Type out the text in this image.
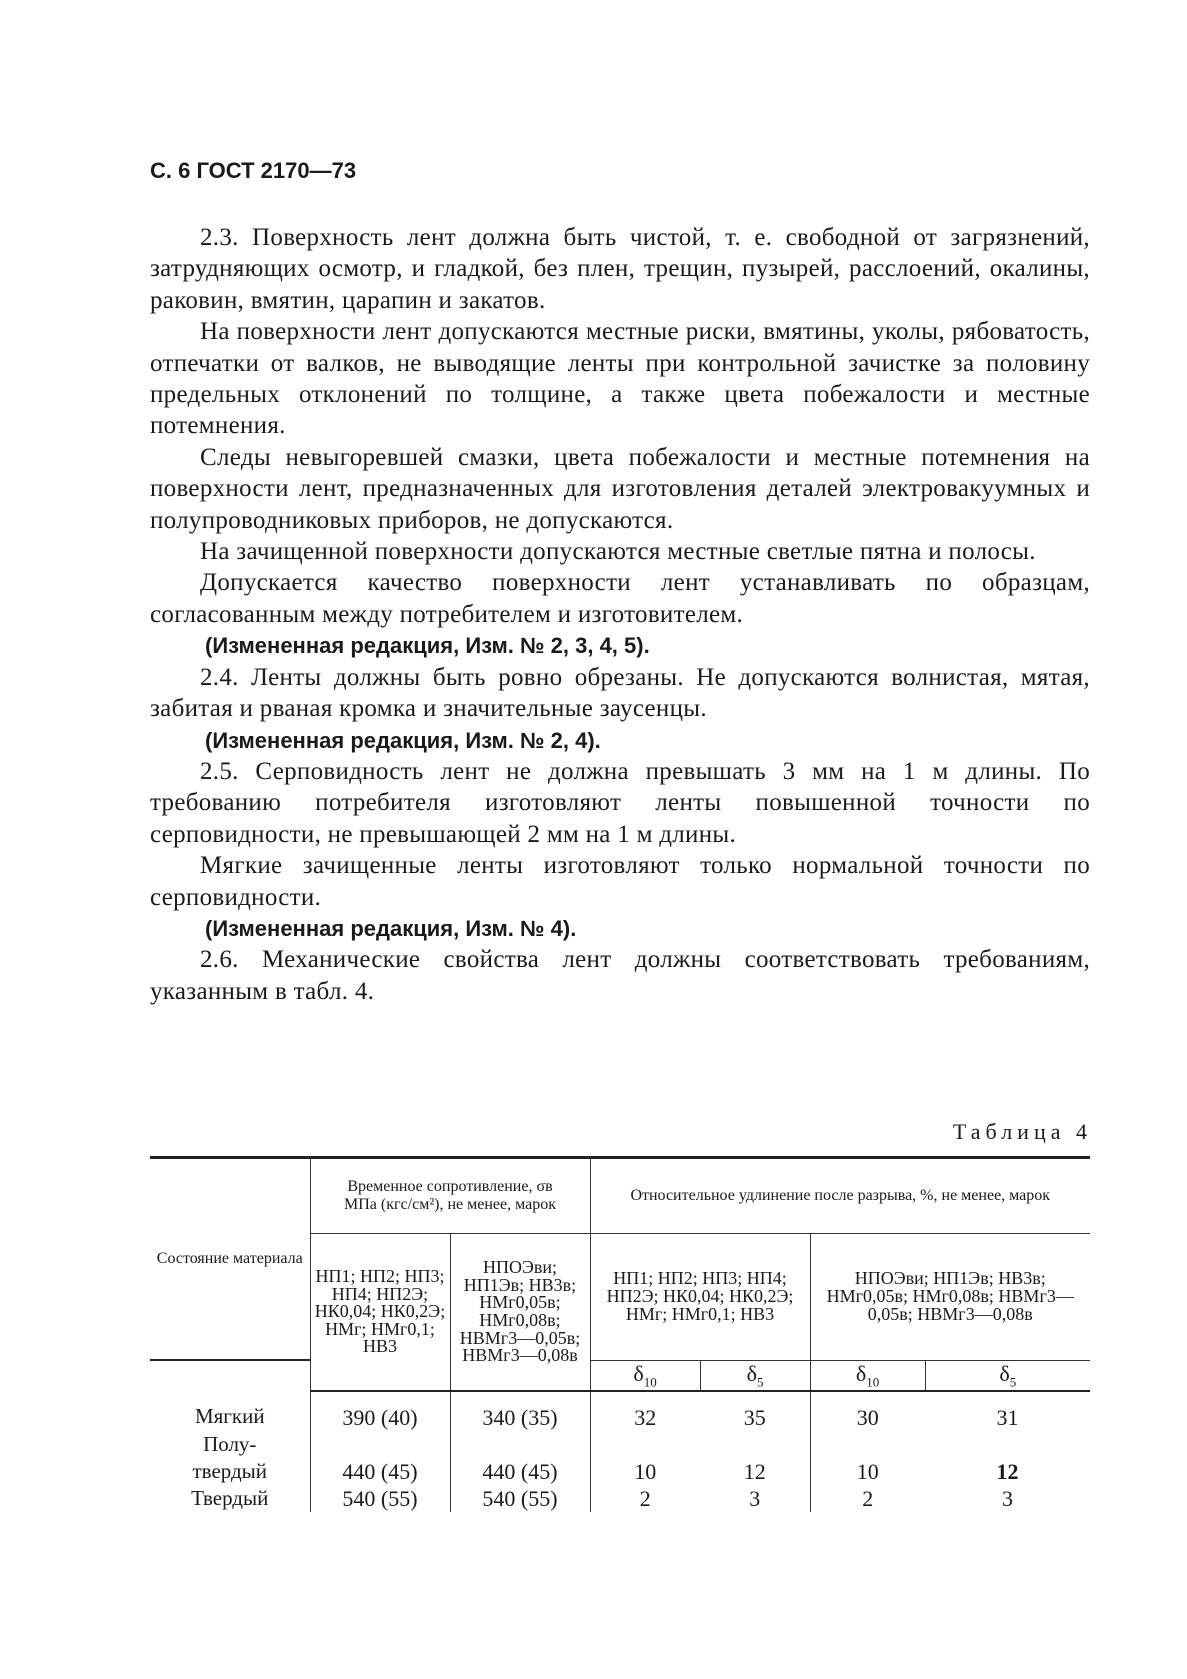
С. 6 ГОСТ 2170—73

2.3. Поверхность лент должна быть чистой, т. е. свободной от загрязнений, затрудняющих осмотр, и гладкой, без плен, трещин, пузырей, расслоений, окалины, раковин, вмятин, царапин и закатов.

На поверхности лент допускаются местные риски, вмятины, уколы, рябоватость, отпечатки от валков, не выводящие ленты при контрольной зачистке за половину предельных отклонений по толщине, а также цвета побежалости и местные потемнения.

Следы невыгоревшей смазки, цвета побежалости и местные потемнения на поверхности лент, предназначенных для изготовления деталей электровакуумных и полупроводниковых приборов, не допускаются.

На зачищенной поверхности допускаются местные светлые пятна и полосы.

Допускается качество поверхности лент устанавливать по образцам, согласованным между потребителем и изготовителем.

(Измененная редакция, Изм. № 2, 3, 4, 5).

2.4. Ленты должны быть ровно обрезаны. Не допускаются волнистая, мятая, забитая и рваная кромка и значительные заусенцы.

(Измененная редакция, Изм. № 2, 4).

2.5. Серповидность лент не должна превышать 3 мм на 1 м длины. По требованию потребителя изготовляют ленты повышенной точности по серповидности, не превышающей 2 мм на 1 м длины.

Мягкие зачищенные ленты изготовляют только нормальной точности по серповидности.

(Измененная редакция, Изм. № 4).

2.6. Механические свойства лент должны соответствовать требованиям, указанным в табл. 4.

Таблица 4
Состояние материала	Временное сопротивление, σв МПа (кгс/см²), не менее, марок		Относительное удлинение после разрыва, %, не менее, марок			
	НП1; НП2; НП3; НП4; НП2Э; НК0,04; НК0,2Э; НМг; НМг0,1; НВ3	НПОЭви; НП1Эв; НВ3в; НМг0,05в; НМг0,08в; НВМг3—0,05в; НВМг3—0,08в	НП1; НП2; НП3; НП4; НП2Э; НК0,04; НК0,2Э; НМг; НМг0,1; НВ3		НПОЭви; НП1Эв; НВ3в; НМг0,05в; НМг0,08в; НВМг3—0,05в; НВМг3—0,08в	
			$\delta_{10}$	$\delta_5$	$\delta_{10}$	$\delta_5$
Мягкий	390 (40)	340 (35)	32	35	30	31
Полу-твердый	440 (45)	440 (45)	10	12	10	12
Твердый	540 (55)	540 (55)	2	3	2	3
